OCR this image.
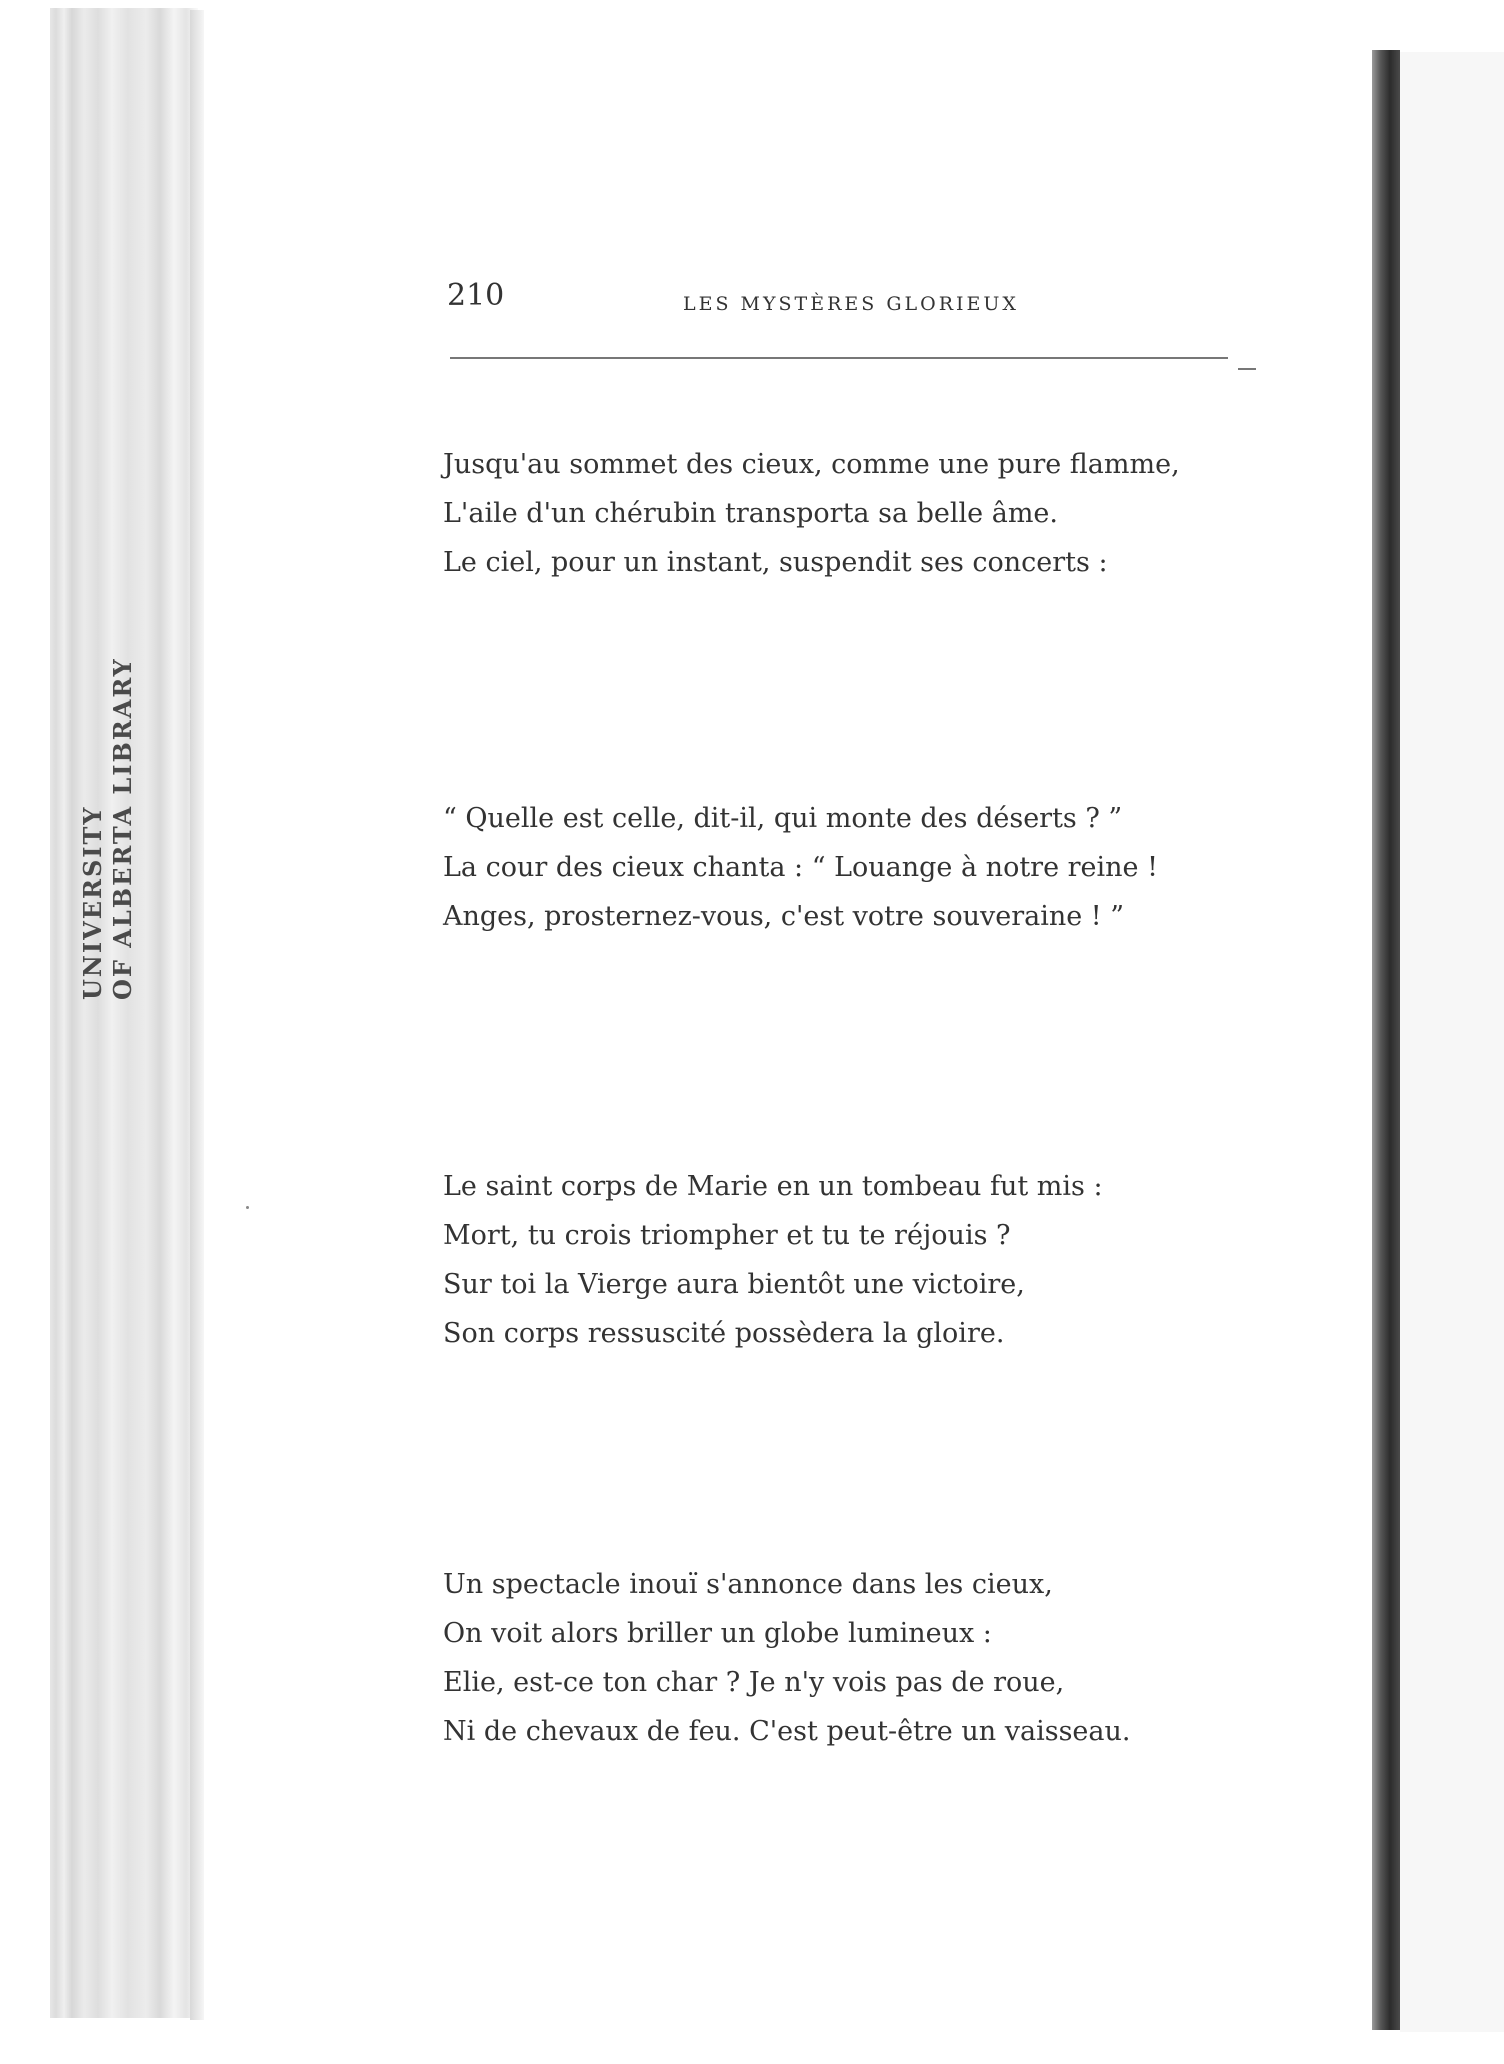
UNIVERSITY OF ALBERTA LIBRARY
210	LES MYSTÈRES GLORIEUX
Jusqu'au sommet des cieux, comme une pure flamme,
L'aile d'un chérubin transporta sa belle âme.
Le ciel, pour un instant, suspendit ses concerts :
“ Quelle est celle, dit-il, qui monte des déserts ? ”
La cour des cieux chanta : “ Louange à notre reine !
Anges, prosternez-vous, c'est votre souveraine ! ”
Le saint corps de Marie en un tombeau fut mis :
Mort, tu crois triompher et tu te réjouis ?
Sur toi la Vierge aura bientôt une victoire,
Son corps ressuscité possèdera la gloire.
Un spectacle inouï s'annonce dans les cieux,
On voit alors briller un globe lumineux :
Elie, est-ce ton char ? Je n'y vois pas de roue,
Ni de chevaux de feu. C'est peut-être un vaisseau.
